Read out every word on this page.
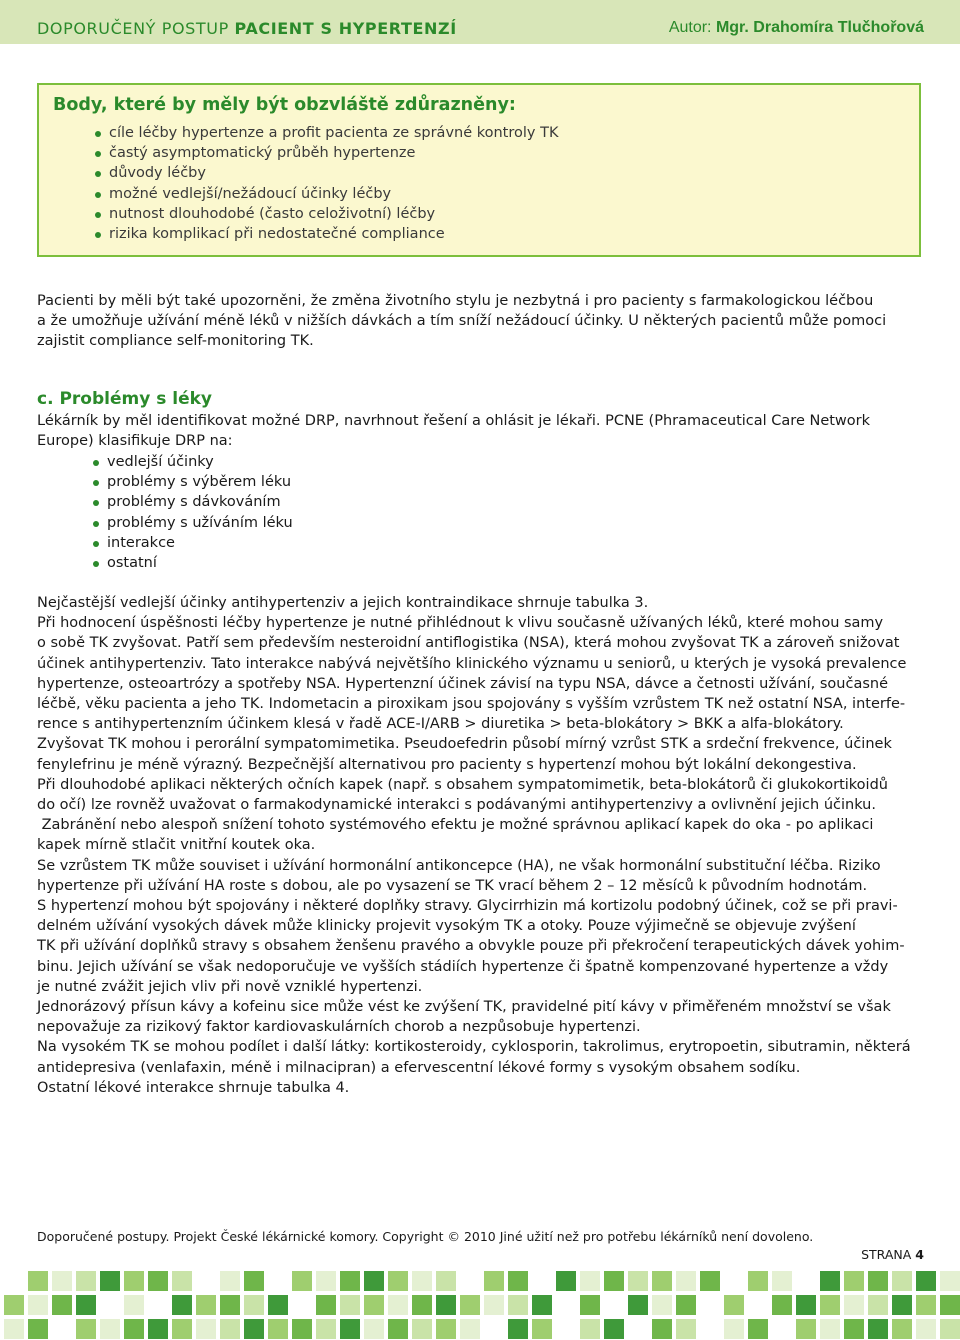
DOPORUČENÝ POSTUP PACIENT S HYPERTENZÍ	Autor: Mgr. Drahomíra Tlučhořová
Body, které by měly být obzvláště zdůrazněny:
cíle léčby hypertenze a profit pacienta ze správné kontroly TK
častý asymptomatický průběh hypertenze
důvody léčby
možné vedlejší/nežádoucí účinky léčby
nutnost dlouhodobé (často celoživotní) léčby
rizika komplikací při nedostatečné compliance
Pacienti by měli být také upozorněni, že změna životního stylu je nezbytná i pro pacienty s farmakologickou léčbou
a že umožňuje užívání méně léků v nižších dávkách a tím sníží nežádoucí účinky. U některých pacientů může pomoci
zajistit compliance self-monitoring TK.
c. Problémy s léky
Lékárník by měl identifikovat možné DRP, navrhnout řešení a ohlásit je lékaři. PCNE (Phramaceutical Care Network
Europe) klasifikuje DRP na:
vedlejší účinky
problémy s výběrem léku
problémy s dávkováním
problémy s užíváním léku
interakce
ostatní
Nejčastější vedlejší účinky antihypertenziv a jejich kontraindikace shrnuje tabulka 3.
Při hodnocení úspěšnosti léčby hypertenze je nutné přihlédnout k vlivu současně užívaných léků, které mohou samy
o sobě TK zvyšovat. Patří sem především nesteroidní antiflogistika (NSA), která mohou zvyšovat TK a zároveň snižovat
účinek antihypertenziv. Tato interakce nabývá největšího klinického významu u seniorů, u kterých je vysoká prevalence
hypertenze, osteoartrózy a spotřeby NSA. Hypertenzní účinek závisí na typu NSA, dávce a četnosti užívání, současné
léčbě, věku pacienta a jeho TK. Indometacin a piroxikam jsou spojovány s vyšším vzrůstem TK než ostatní NSA, interfe-
rence s antihypertenzním účinkem klesá v řadě ACE-I/ARB > diuretika > beta-blokátory > BKK a alfa-blokátory.
Zvyšovat TK mohou i perorální sympatomimetika. Pseudoefedrin působí mírný vzrůst STK a srdeční frekvence, účinek
fenylefrinu je méně výrazný. Bezpečnější alternativou pro pacienty s hypertenzí mohou být lokální dekongestiva.
Při dlouhodobé aplikaci některých očních kapek (např. s obsahem sympatomimetik, beta-blokátorů či glukokortikoidů
do očí) lze rovněž uvažovat o farmakodynamické interakci s podávanými antihypertenzivy a ovlivnění jejich účinku.
Zabránění nebo alespoň snížení tohoto systémového efektu je možné správnou aplikací kapek do oka - po aplikaci
kapek mírně stlačit vnitřní koutek oka.
Se vzrůstem TK může souviset i užívání hormonální antikoncepce (HA), ne však hormonální substituční léčba. Riziko
hypertenze při užívání HA roste s dobou, ale po vysazení se TK vrací během 2 – 12 měsíců k původním hodnotám.
S hypertenzí mohou být spojovány i některé doplňky stravy. Glycirrhizin má kortizolu podobný účinek, což se při pravi-
delném užívání vysokých dávek může klinicky projevit vysokým TK a otoky. Pouze výjimečně se objevuje zvýšení
TK při užívání doplňků stravy s obsahem ženšenu pravého a obvykle pouze při překročení terapeutických dávek yohim-
binu. Jejich užívání se však nedoporučuje ve vyšších stádiích hypertenze či špatně kompenzované hypertenze a vždy
je nutné zvážit jejich vliv při nově vzniklé hypertenzi.
Jednorázový přísun kávy a kofeinu sice může vést ke zvýšení TK, pravidelné pití kávy v přiměřeném množství se však
nepovažuje za rizikový faktor kardiovaskulárních chorob a nezpůsobuje hypertenzi.
Na vysokém TK se mohou podílet i další látky: kortikosteroidy, cyklosporin, takrolimus, erytropoetin, sibutramin, některá
antidepresiva (venlafaxin, méně i milnacipran) a efervescentní lékové formy s vysokým obsahem sodíku.
Ostatní lékové interakce shrnuje tabulka 4.
Doporučené postupy. Projekt České lékárnické komory. Copyright © 2010 Jiné užití než pro potřebu lékárníků není dovoleno.
STRANA 4
